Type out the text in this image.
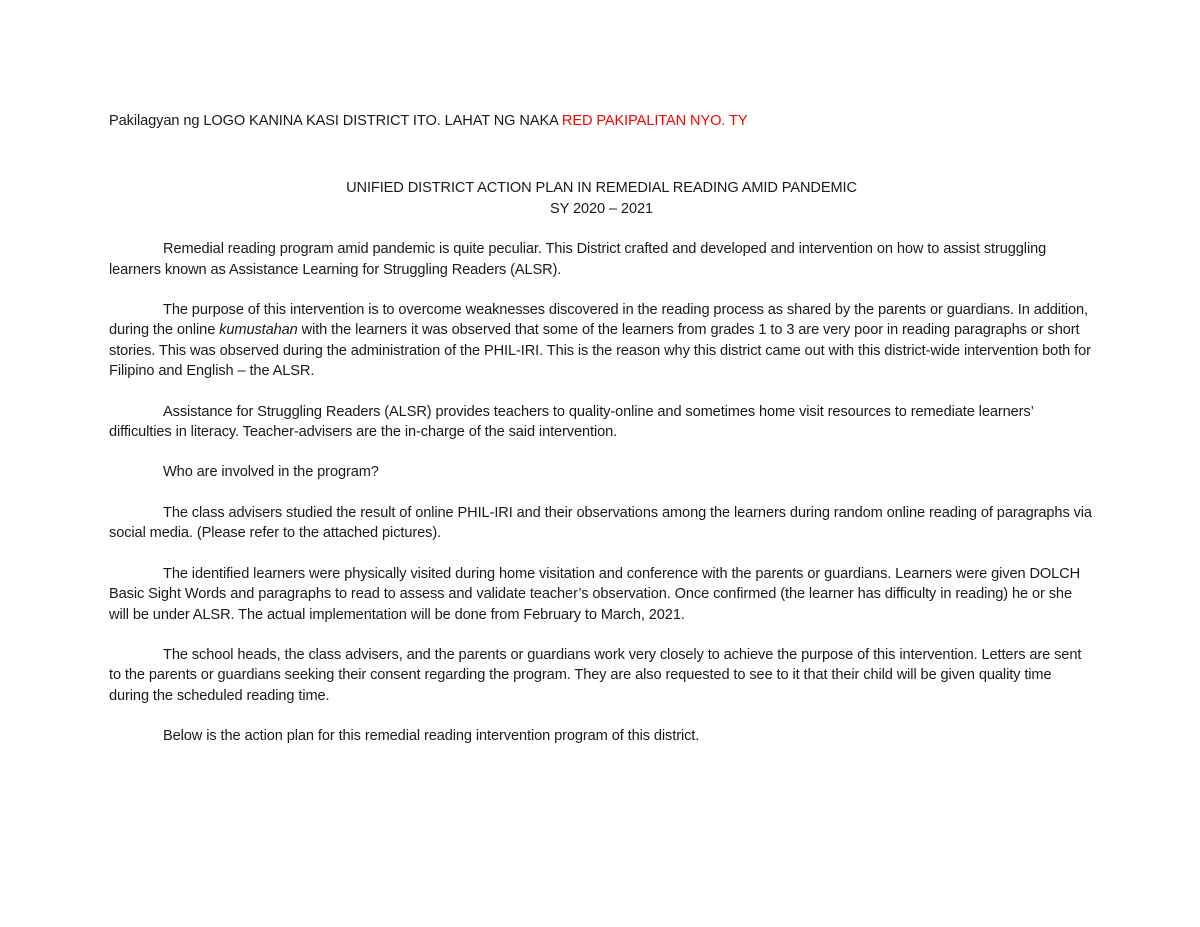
Pakilagyan ng LOGO KANINA KASI DISTRICT ITO. LAHAT NG NAKA RED PAKIPALITAN NYO. TY

UNIFIED DISTRICT ACTION PLAN IN REMEDIAL READING AMID PANDEMIC
SY 2020 – 2021

Remedial reading program amid pandemic is quite peculiar. This District crafted and developed and intervention on how to assist struggling learners known as Assistance Learning for Struggling Readers (ALSR).

The purpose of this intervention is to overcome weaknesses discovered in the reading process as shared by the parents or guardians. In addition, during the online kumustahan with the learners it was observed that some of the learners from grades 1 to 3 are very poor in reading paragraphs or short stories. This was observed during the administration of the PHIL-IRI. This is the reason why this district came out with this district-wide intervention both for Filipino and English – the ALSR.

Assistance for Struggling Readers (ALSR) provides teachers to quality-online and sometimes home visit resources to remediate learners’ difficulties in literacy. Teacher-advisers are the in-charge of the said intervention.

Who are involved in the program?

The class advisers studied the result of online PHIL-IRI and their observations among the learners during random online reading of paragraphs via social media. (Please refer to the attached pictures).

The identified learners were physically visited during home visitation and conference with the parents or guardians. Learners were given DOLCH Basic Sight Words and paragraphs to read to assess and validate teacher’s observation. Once confirmed (the learner has difficulty in reading) he or she will be under ALSR. The actual implementation will be done from February to March, 2021.

The school heads, the class advisers, and the parents or guardians work very closely to achieve the purpose of this intervention. Letters are sent to the parents or guardians seeking their consent regarding the program. They are also requested to see to it that their child will be given quality time during the scheduled reading time.

Below is the action plan for this remedial reading intervention program of this district.
